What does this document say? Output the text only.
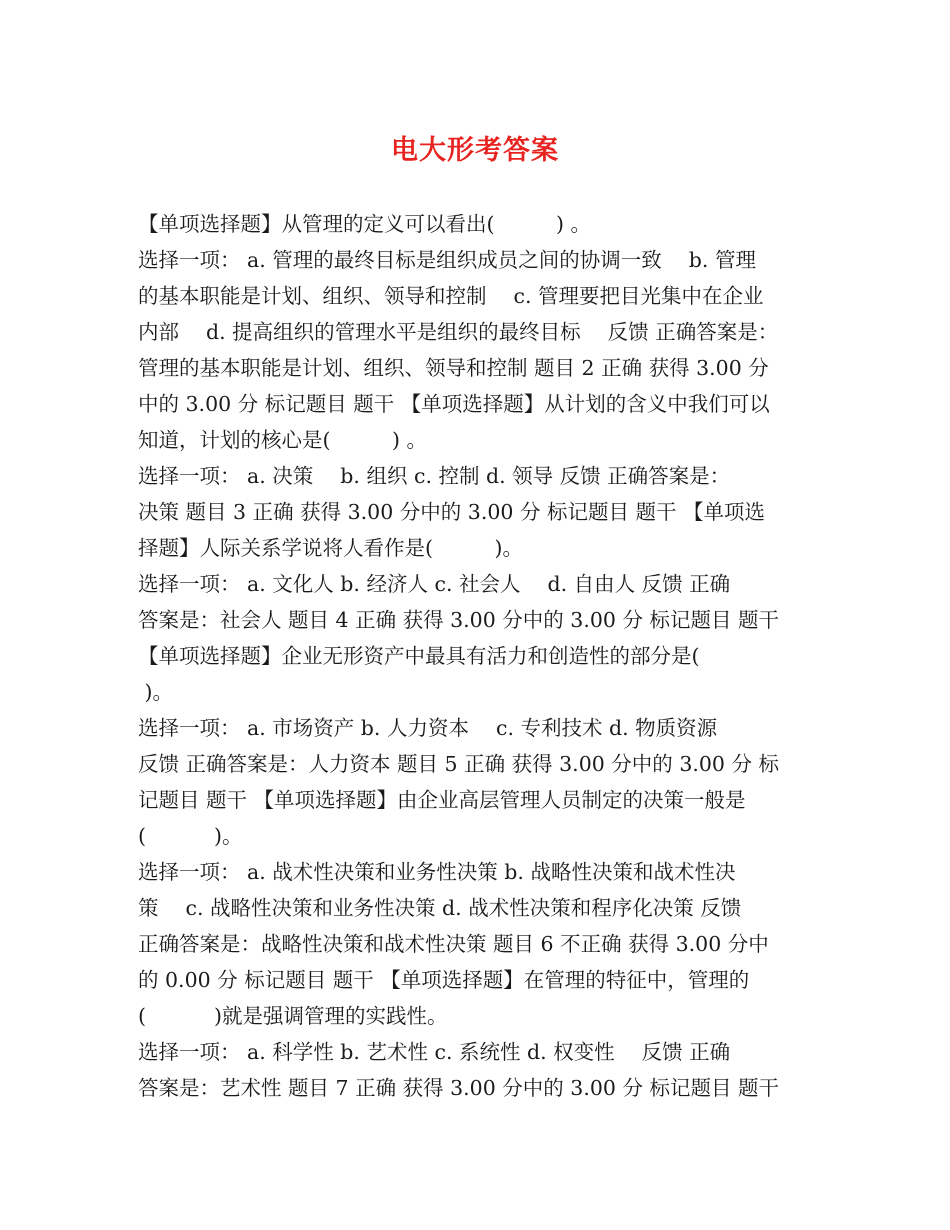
电大形考答案
【单项选择题】从管理的定义可以看出(　　　) 。
选择一项： a. 管理的最终目标是组织成员之间的协调一致　 b. 管理
的基本职能是计划、组织、领导和控制　 c. 管理要把目光集中在企业
内部　 d. 提高组织的管理水平是组织的最终目标　 反馈 正确答案是：
管理的基本职能是计划、组织、领导和控制 题目 2 正确 获得 3.00 分
中的 3.00 分 标记题目 题干 【单项选择题】从计划的含义中我们可以
知道，计划的核心是(　　　) 。
选择一项： a. 决策　 b. 组织 c. 控制 d. 领导 反馈 正确答案是：
决策 题目 3 正确 获得 3.00 分中的 3.00 分 标记题目 题干 【单项选
择题】人际关系学说将人看作是(　　　)。
选择一项： a. 文化人 b. 经济人 c. 社会人　 d. 自由人 反馈 正确
答案是：社会人 题目 4 正确 获得 3.00 分中的 3.00 分 标记题目 题干
【单项选择题】企业无形资产中最具有活力和创造性的部分是(
)。
选择一项： a. 市场资产 b. 人力资本　 c. 专利技术 d. 物质资源
反馈 正确答案是：人力资本 题目 5 正确 获得 3.00 分中的 3.00 分 标
记题目 题干 【单项选择题】由企业高层管理人员制定的决策一般是
(　　　 )。
选择一项： a. 战术性决策和业务性决策 b. 战略性决策和战术性决
策　 c. 战略性决策和业务性决策 d. 战术性决策和程序化决策 反馈
正确答案是：战略性决策和战术性决策 题目 6 不正确 获得 3.00 分中
的 0.00 分 标记题目 题干 【单项选择题】在管理的特征中，管理的
(　　　 )就是强调管理的实践性。
选择一项： a. 科学性 b. 艺术性 c. 系统性 d. 权变性　 反馈 正确
答案是：艺术性 题目 7 正确 获得 3.00 分中的 3.00 分 标记题目 题干
